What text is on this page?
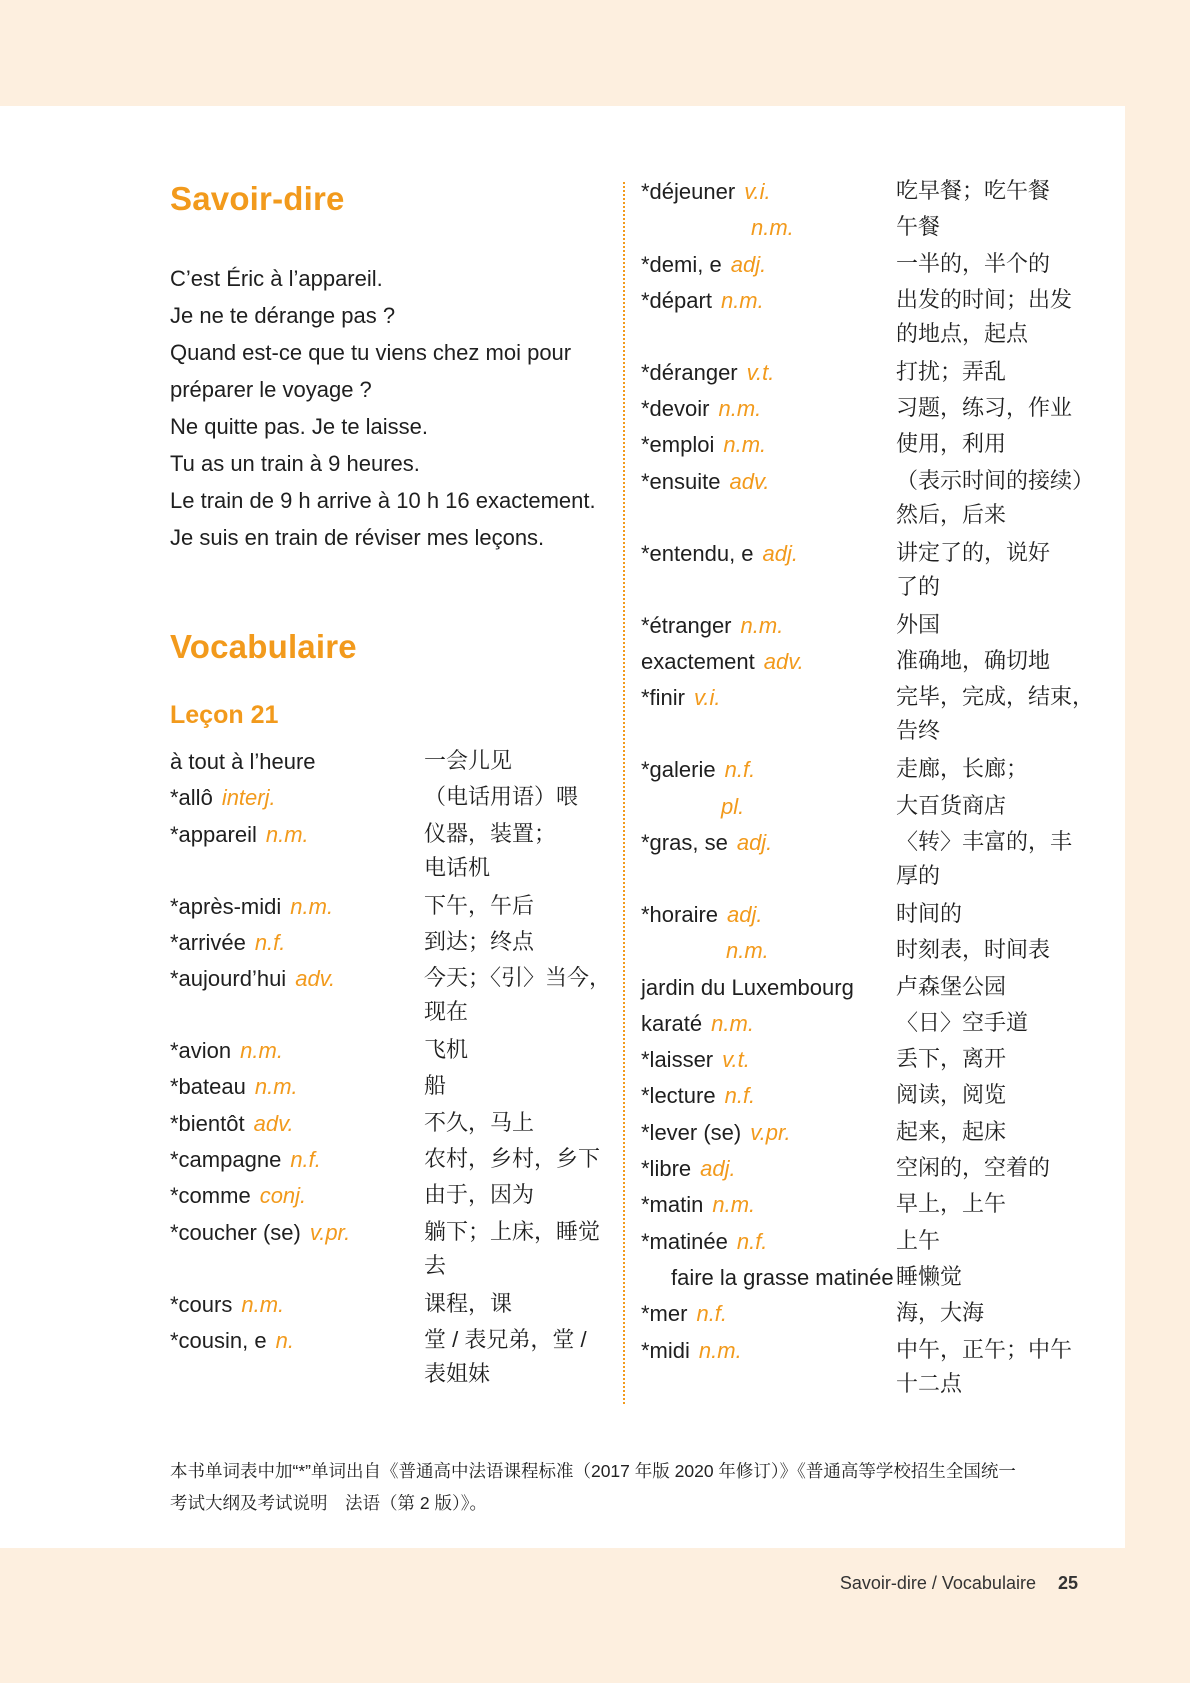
Savoir-dire
C’est Éric à l’appareil.
Je ne te dérange pas ?
Quand est-ce que tu viens chez moi pour
préparer le voyage ?
Ne quitte pas. Je te laisse.
Tu as un train à 9 heures.
Le train de 9 h arrive à 10 h 16 exactement.
Je suis en train de réviser mes leçons.
Vocabulaire
Leçon 21
à tout à l’heure	一会儿见
*allô interj.	（电话用语）喂
*appareil n.m.	仪器，装置；
电话机
*après-midi n.m.	下午，午后
*arrivée n.f.	到达；终点
*aujourd’hui adv.	今天；〈引〉当今，
现在
*avion n.m.	飞机
*bateau n.m.	船
*bientôt adv.	不久，马上
*campagne n.f.	农村，乡村，乡下
*comme conj.	由于，因为
*coucher (se) v.pr.	躺下；上床，睡觉
去
*cours n.m.	课程，课
*cousin, e n.	堂 / 表兄弟，堂 /
表姐妹
*déjeuner v.i.	吃早餐；吃午餐
n.m.	午餐
*demi, e adj.	一半的，半个的
*départ n.m.	出发的时间；出发
的地点，起点
*déranger v.t.	打扰；弄乱
*devoir n.m.	习题，练习，作业
*emploi n.m.	使用，利用
*ensuite adv.	（表示时间的接续）
然后，后来
*entendu, e adj.	讲定了的，说好
了的
*étranger n.m.	外国
exactement adv.	准确地，确切地
*finir v.i.	完毕，完成，结束，
告终
*galerie n.f.	走廊，长廊；
pl.	大百货商店
*gras, se adj.	〈转〉丰富的，丰
厚的
*horaire adj.	时间的
n.m.	时刻表，时间表
jardin du Luxembourg 卢森堡公园
karaté n.m.	〈日〉空手道
*laisser v.t.	丢下，离开
*lecture n.f.	阅读，阅览
*lever (se) v.pr.	起来，起床
*libre adj.	空闲的，空着的
*matin n.m.	早上，上午
*matinée n.f.	上午
faire la grasse matinée 睡懒觉
*mer n.f.	海，大海
*midi n.m.	中午，正午；中午
十二点
本书单词表中加“*”单词出自《普通高中法语课程标准（2017 年版 2020 年修订）》《普通高等学校招生全国统一
考试大纲及考试说明　法语（第 2 版）》。
Savoir-dire / Vocabulaire 25
